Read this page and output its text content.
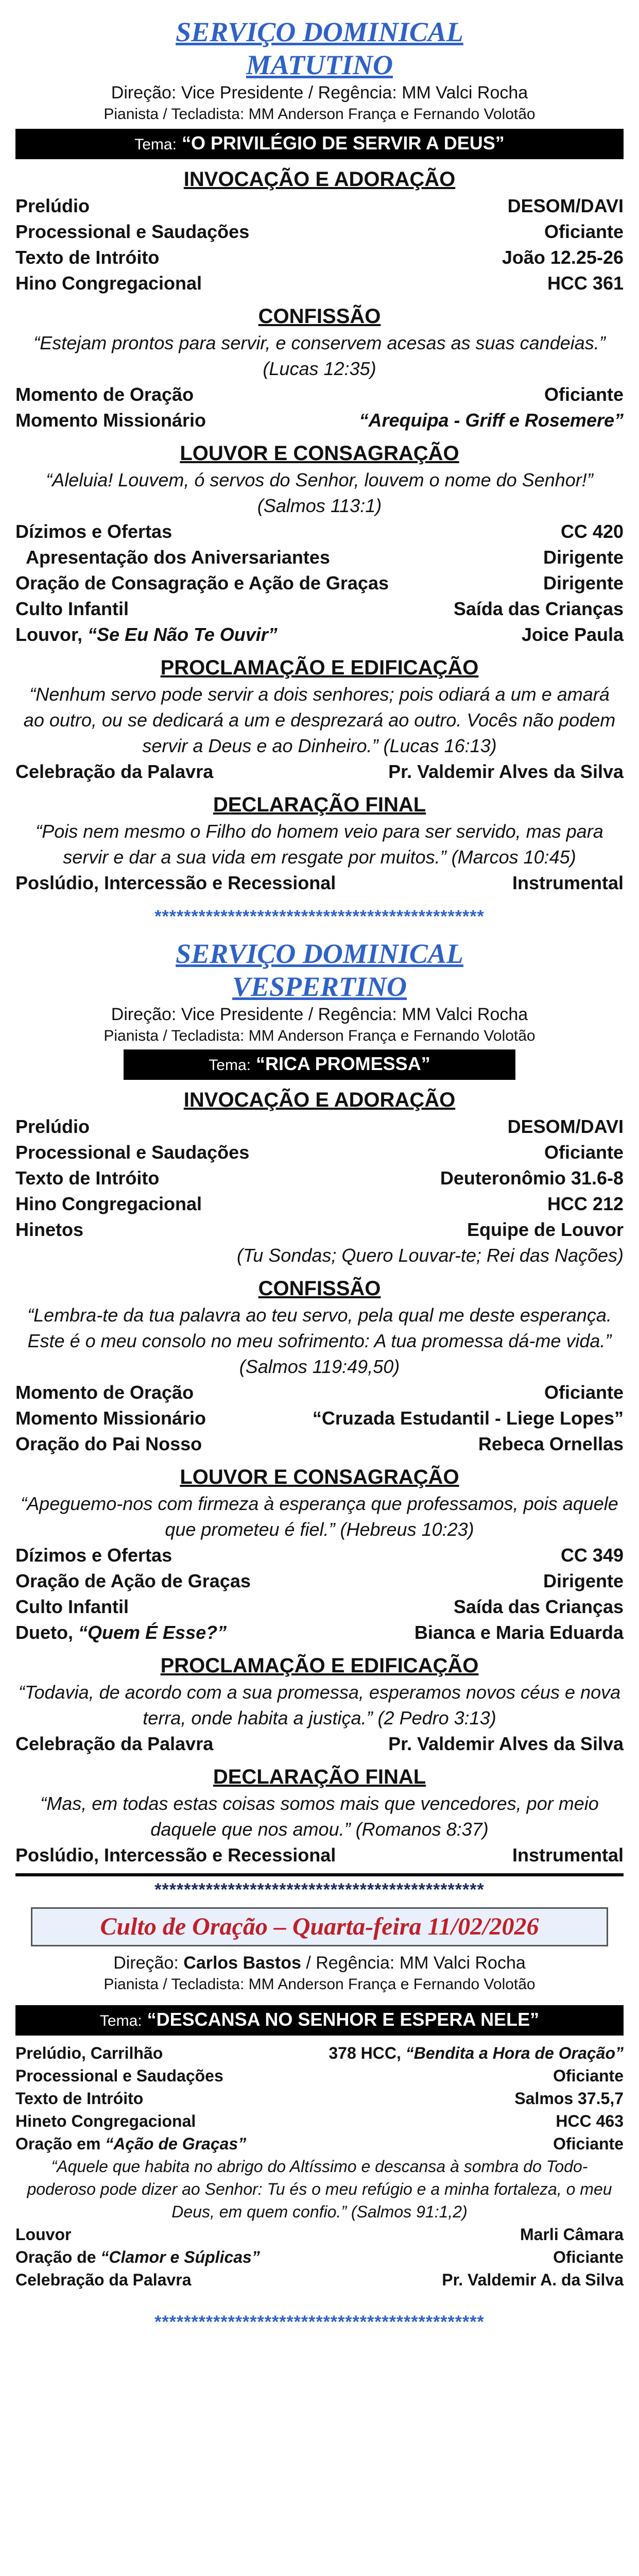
SERVIÇO DOMINICAL
MATUTINO

Direção: Vice Presidente / Regência: MM Valci Rocha

Pianista / Tecladista: MM Anderson França e Fernando Volotão

Tema: “O PRIVILÉGIO DE SERVIR A DEUS”
INVOCAÇÃO E ADORAÇÃO
Prelúdio	DESOM/DAVI
Processional e Saudações	Oficiante
Texto de Intróito	João 12.25-26
Hino Congregacional	HCC 361
CONFISSÃO

“Estejam prontos para servir, e conservem acesas as suas candeias.” (Lucas 12:35)

Momento de Oração	Oficiante
Momento Missionário	“Arequipa - Griff e Rosemere”
LOUVOR E CONSAGRAÇÃO

“Aleluia! Louvem, ó servos do Senhor, louvem o nome do Senhor!” (Salmos 113:1)

Dízimos e Ofertas	CC 420
Apresentação dos Aniversariantes	Dirigente
Oração de Consagração e Ação de Graças	Dirigente
Culto Infantil	Saída das Crianças
Louvor, “Se Eu Não Te Ouvir”	Joice Paula
PROCLAMAÇÃO E EDIFICAÇÃO

“Nenhum servo pode servir a dois senhores; pois odiará a um e amará ao outro, ou se dedicará a um e desprezará ao outro. Vocês não podem servir a Deus e ao Dinheiro.” (Lucas 16:13)

Celebração da Palavra	Pr. Valdemir Alves da Silva
DECLARAÇÃO FINAL

“Pois nem mesmo o Filho do homem veio para ser servido, mas para servir e dar a sua vida em resgate por muitos.” (Marcos 10:45)

Poslúdio, Intercessão e Recessional	Instrumental
*********************************************
SERVIÇO DOMINICAL
VESPERTINO

Direção: Vice Presidente / Regência: MM Valci Rocha

Pianista / Tecladista: MM Anderson França e Fernando Volotão

Tema: “RICA PROMESSA”
INVOCAÇÃO E ADORAÇÃO
Prelúdio	DESOM/DAVI
Processional e Saudações	Oficiante
Texto de Intróito	Deuteronômio 31.6-8
Hino Congregacional	HCC 212
Hinetos	Equipe de Louvor
(Tu Sondas; Quero Louvar-te; Rei das Nações)
CONFISSÃO

“Lembra-te da tua palavra ao teu servo, pela qual me deste esperança. Este é o meu consolo no meu sofrimento: A tua promessa dá-me vida.” (Salmos 119:49,50)

Momento de Oração	Oficiante
Momento Missionário	“Cruzada Estudantil - Liege Lopes”
Oração do Pai Nosso	Rebeca Ornellas
LOUVOR E CONSAGRAÇÃO

“Apeguemo-nos com firmeza à esperança que professamos, pois aquele que prometeu é fiel.” (Hebreus 10:23)

Dízimos e Ofertas	CC 349
Oração de Ação de Graças	Dirigente
Culto Infantil	Saída das Crianças
Dueto, “Quem É Esse?”	Bianca e Maria Eduarda
PROCLAMAÇÃO E EDIFICAÇÃO

“Todavia, de acordo com a sua promessa, esperamos novos céus e nova terra, onde habita a justiça.” (2 Pedro 3:13)

Celebração da Palavra	Pr. Valdemir Alves da Silva
DECLARAÇÃO FINAL

“Mas, em todas estas coisas somos mais que vencedores, por meio daquele que nos amou.” (Romanos 8:37)

Poslúdio, Intercessão e Recessional	Instrumental
*********************************************
Culto de Oração – Quarta-feira 11/02/2026

Direção: Carlos Bastos / Regência: MM Valci Rocha

Pianista / Tecladista: MM Anderson França e Fernando Volotão

Tema: “DESCANSA NO SENHOR E ESPERA NELE”
Prelúdio, Carrilhão	378 HCC, “Bendita a Hora de Oração”
Processional e Saudações	Oficiante
Texto de Intróito	Salmos 37.5,7
Hineto Congregacional	HCC 463
Oração em “Ação de Graças”	Oficiante

“Aquele que habita no abrigo do Altíssimo e descansa à sombra do Todo-poderoso pode dizer ao Senhor: Tu és o meu refúgio e a minha fortaleza, o meu Deus, em quem confio.” (Salmos 91:1,2)

Louvor	Marli Câmara
Oração de “Clamor e Súplicas”	Oficiante
Celebração da Palavra	Pr. Valdemir A. da Silva
*********************************************
